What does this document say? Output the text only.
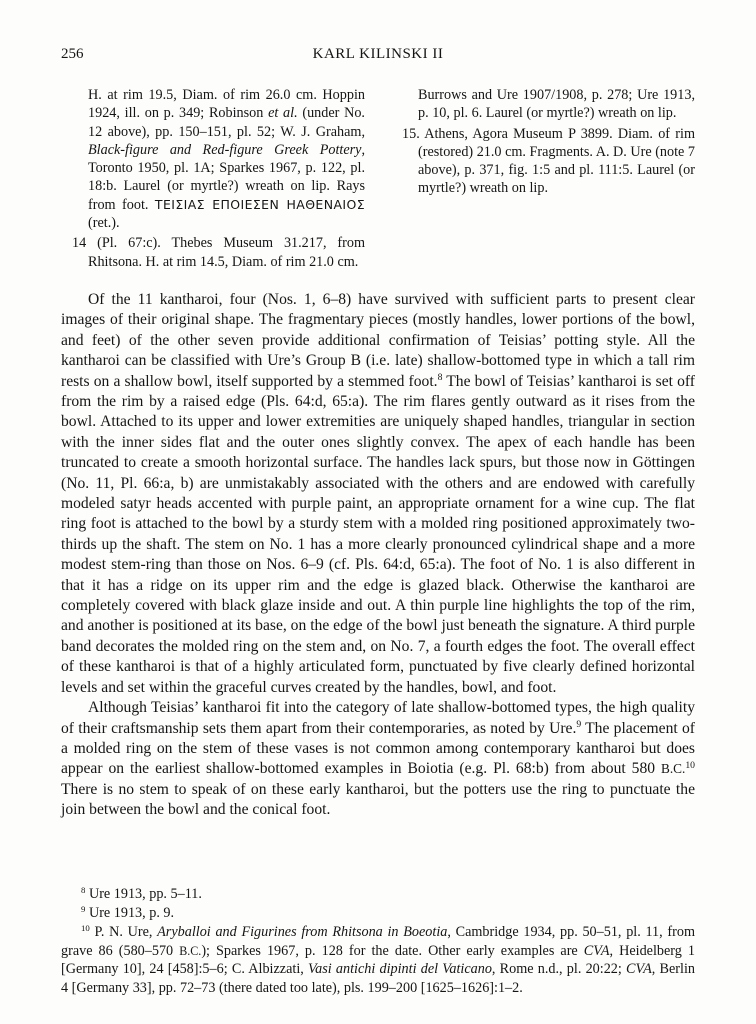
256	KARL KILINSKI II

H. at rim 19.5, Diam. of rim 26.0 cm. Hoppin 1924, ill. on p. 349; Robinson et al. (under No. 12 above), pp. 150–151, pl. 52; W. J. Graham, Black-figure and Red-figure Greek Pottery, Toronto 1950, pl. 1A; Sparkes 1967, p. 122, pl. 18:b. Laurel (or myrtle?) wreath on lip. Rays from foot. ΤΕΙΣΙΑΣ ΕΠΟΙΕΣΕΝ ΗΑΘΕΝΑΙΟΣ (ret.).

14 (Pl. 67:c). Thebes Museum 31.217, from Rhitsona. H. at rim 14.5, Diam. of rim 21.0 cm.

Burrows and Ure 1907/1908, p. 278; Ure 1913, p. 10, pl. 6. Laurel (or myrtle?) wreath on lip.

15. Athens, Agora Museum P 3899. Diam. of rim (restored) 21.0 cm. Fragments. A. D. Ure (note 7 above), p. 371, fig. 1:5 and pl. 111:5. Laurel (or myrtle?) wreath on lip.

Of the 11 kantharoi, four (Nos. 1, 6–8) have survived with sufficient parts to present clear images of their original shape. The fragmentary pieces (mostly handles, lower portions of the bowl, and feet) of the other seven provide additional confirmation of Teisias’ potting style. All the kantharoi can be classified with Ure’s Group B (i.e. late) shallow-bottomed type in which a tall rim rests on a shallow bowl, itself supported by a stemmed foot.$^8$ The bowl of Teisias’ kantharoi is set off from the rim by a raised edge (Pls. 64:d, 65:a). The rim flares gently outward as it rises from the bowl. Attached to its upper and lower extremities are uniquely shaped handles, triangular in section with the inner sides flat and the outer ones slightly convex. The apex of each handle has been truncated to create a smooth horizontal surface. The handles lack spurs, but those now in Göttingen (No. 11, Pl. 66:a, b) are unmistakably associated with the others and are endowed with carefully modeled satyr heads accented with purple paint, an appropriate ornament for a wine cup. The flat ring foot is attached to the bowl by a sturdy stem with a molded ring positioned approximately two-thirds up the shaft. The stem on No. 1 has a more clearly pronounced cylindrical shape and a more modest stem-ring than those on Nos. 6–9 (cf. Pls. 64:d, 65:a). The foot of No. 1 is also different in that it has a ridge on its upper rim and the edge is glazed black. Otherwise the kantharoi are completely covered with black glaze inside and out. A thin purple line highlights the top of the rim, and another is positioned at its base, on the edge of the bowl just beneath the signature. A third purple band decorates the molded ring on the stem and, on No. 7, a fourth edges the foot. The overall effect of these kantharoi is that of a highly articulated form, punctuated by five clearly defined horizontal levels and set within the graceful curves created by the handles, bowl, and foot.

Although Teisias’ kantharoi fit into the category of late shallow-bottomed types, the high quality of their craftsmanship sets them apart from their contemporaries, as noted by Ure.$^9$ The placement of a molded ring on the stem of these vases is not common among contemporary kantharoi but does appear on the earliest shallow-bottomed examples in Boiotia (e.g. Pl. 68:b) from about 580 B.C.$^{10}$ There is no stem to speak of on these early kantharoi, but the potters use the ring to punctuate the join between the bowl and the conical foot.

$^8$ Ure 1913, pp. 5–11.

$^9$ Ure 1913, p. 9.

$^{10}$ P. N. Ure, Aryballoi and Figurines from Rhitsona in Boeotia, Cambridge 1934, pp. 50–51, pl. 11, from grave 86 (580–570 B.C.); Sparkes 1967, p. 128 for the date. Other early examples are CVA, Heidelberg 1 [Germany 10], 24 [458]:5–6; C. Albizzati, Vasi antichi dipinti del Vaticano, Rome n.d., pl. 20:22; CVA, Berlin 4 [Germany 33], pp. 72–73 (there dated too late), pls. 199–200 [1625–1626]:1–2.
